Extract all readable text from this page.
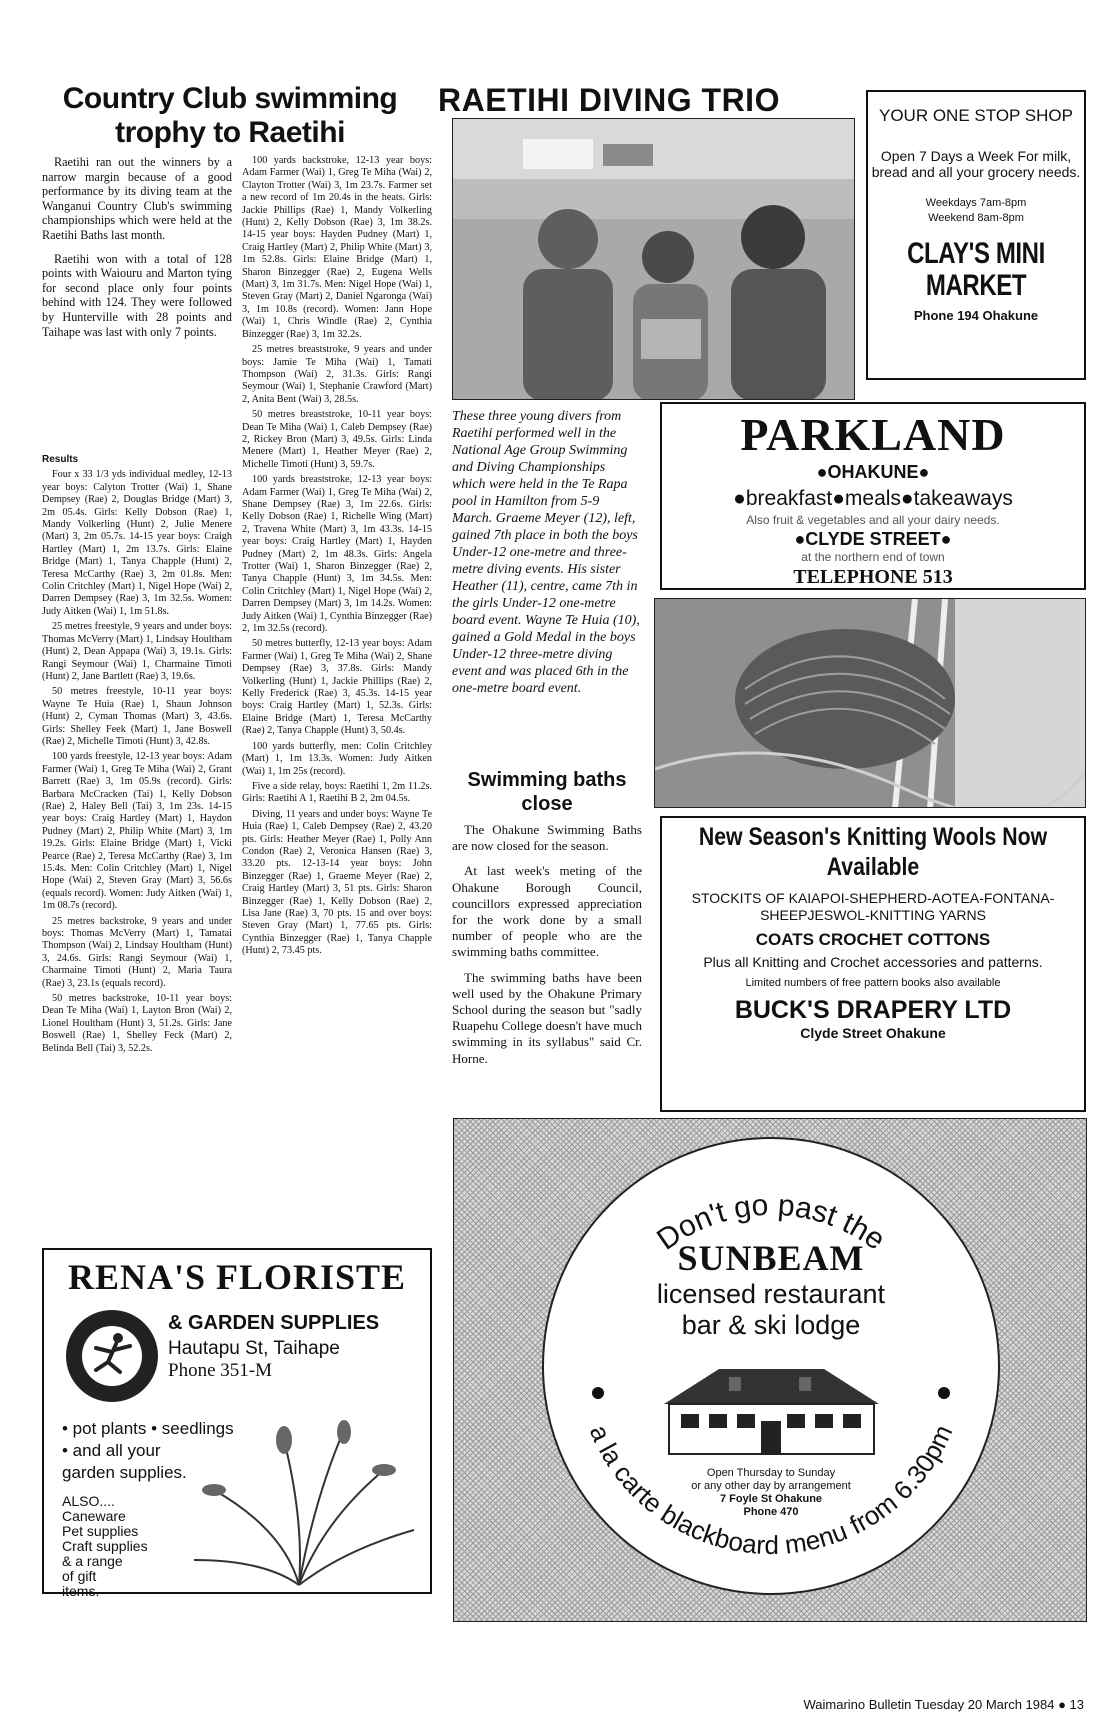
Country Club swimming trophy to Raetihi

Raetihi ran out the winners by a narrow margin because of a good performance by its diving team at the Wanganui Country Club's swimming championships which were held at the Raetihi Baths last month.

Raetihi won with a total of 128 points with Waiouru and Marton tying for second place only four points behind with 124. They were followed by Hunterville with 28 points and Taihape was last with only 7 points.

Results

Four x 33 1/3 yds individual medley, 12-13 year boys: Calyton Trotter (Wai) 1, Shane Dempsey (Rae) 2, Douglas Bridge (Mart) 3, 2m 05.4s. Girls: Kelly Dobson (Rae) 1, Mandy Volkerling (Hunt) 2, Julie Menere (Mart) 3, 2m 05.7s. 14-15 year boys: Craigh Hartley (Mart) 1, 2m 13.7s. Girls: Elaine Bridge (Mart) 1, Tanya Chapple (Hunt) 2, Teresa McCarthy (Rae) 3, 2m 01.8s. Men: Colin Critchley (Mart) 1, Nigel Hope (Wai) 2, Darren Dempsey (Rae) 3, 1m 32.5s. Women: Judy Aitken (Wai) 1, 1m 51.8s.

25 metres freestyle, 9 years and under boys: Thomas McVerry (Mart) 1, Lindsay Houltham (Hunt) 2, Dean Appapa (Wai) 3, 19.1s. Girls: Rangi Seymour (Wai) 1, Charmaine Timoti (Hunt) 2, Jane Bartlett (Rae) 3, 19.6s.

50 metres freestyle, 10-11 year boys: Wayne Te Huia (Rae) 1, Shaun Johnson (Hunt) 2, Cyman Thomas (Mart) 3, 43.6s. Girls: Shelley Feek (Mart) 1, Jane Boswell (Rae) 2, Michelle Timoti (Hunt) 3, 42.8s.

100 yards freestyle, 12-13 year boys: Adam Farmer (Wai) 1, Greg Te Miha (Wai) 2, Grant Barrett (Rae) 3, 1m 05.9s (record). Girls: Barbara McCracken (Tai) 1, Kelly Dobson (Rae) 2, Haley Bell (Tai) 3, 1m 23s. 14-15 year boys: Craig Hartley (Mart) 1, Haydon Pudney (Mart) 2, Philip White (Mart) 3, 1m 19.2s. Girls: Elaine Bridge (Mart) 1, Vicki Pearce (Rae) 2, Teresa McCarthy (Rae) 3, 1m 15.4s. Men: Colin Critchley (Mart) 1, Nigel Hope (Wai) 2, Steven Gray (Mart) 3, 56.6s (equals record). Women: Judy Aitken (Wai) 1, 1m 08.7s (record).

25 metres backstroke, 9 years and under boys: Thomas McVerry (Mart) 1, Tamatai Thompson (Wai) 2, Lindsay Houltham (Hunt) 3, 24.6s. Girls: Rangi Seymour (Wai) 1, Charmaine Timoti (Hunt) 2, Maria Taura (Rae) 3, 23.1s (equals record).

50 metres backstroke, 10-11 year boys: Dean Te Miha (Wai) 1, Layton Bron (Wai) 2, Lionel Houltham (Hunt) 3, 51.2s. Girls: Jane Boswell (Rae) 1, Shelley Feck (Mart) 2, Belinda Bell (Tai) 3, 52.2s.

100 yards backstroke, 12-13 year boys: Adam Farmer (Wai) 1, Greg Te Miha (Wai) 2, Clayton Trotter (Wai) 3, 1m 23.7s. Farmer set a new record of 1m 20.4s in the heats. Girls: Jackie Phillips (Rae) 1, Mandy Volkerling (Hunt) 2, Kelly Dobson (Rae) 3, 1m 38.2s. 14-15 year boys: Hayden Pudney (Mart) 1, Craig Hartley (Mart) 2, Philip White (Mart) 3, 1m 52.8s. Girls: Elaine Bridge (Mart) 1, Sharon Binzegger (Rae) 2, Eugena Wells (Mart) 3, 1m 31.7s. Men: Nigel Hope (Wai) 1, Steven Gray (Mart) 2, Daniel Ngaronga (Wai) 3, 1m 10.8s (record). Women: Jann Hope (Wai) 1, Chris Windle (Rae) 2, Cynthia Binzegger (Rae) 3, 1m 32.2s.

25 metres breaststroke, 9 years and under boys: Jamie Te Miha (Wai) 1, Tamati Thompson (Wai) 2, 31.3s. Girls: Rangi Seymour (Wai) 1, Stephanie Crawford (Mart) 2, Anita Bent (Wai) 3, 28.5s.

50 metres breaststroke, 10-11 year boys: Dean Te Miha (Wai) 1, Caleb Dempsey (Rae) 2, Rickey Bron (Mart) 3, 49.5s. Girls: Linda Menere (Mart) 1, Heather Meyer (Rae) 2, Michelle Timoti (Hunt) 3, 59.7s.

100 yards breaststroke, 12-13 year boys: Adam Farmer (Wai) 1, Greg Te Miha (Wai) 2, Shane Dempsey (Rae) 3, 1m 22.6s. Girls: Kelly Dobson (Rae) 1, Richelle Wing (Mart) 2, Travena White (Mart) 3, 1m 43.3s. 14-15 year boys: Craig Hartley (Mart) 1, Hayden Pudney (Mart) 2, 1m 48.3s. Girls: Angela Trotter (Wai) 1, Sharon Binzegger (Rae) 2, Tanya Chapple (Hunt) 3, 1m 34.5s. Men: Colin Critchley (Mart) 1, Nigel Hope (Wai) 2, Darren Dempsey (Mart) 3, 1m 14.2s. Women: Judy Aitken (Wai) 1, Cynthia Binzegger (Rae) 2, 1m 32.5s (record).

50 metres butterfly, 12-13 year boys: Adam Farmer (Wai) 1, Greg Te Miha (Wai) 2, Shane Dempsey (Rae) 3, 37.8s. Girls: Mandy Volkerling (Hunt) 1, Jackie Phillips (Rae) 2, Kelly Frederick (Rae) 3, 45.3s. 14-15 year boys: Craig Hartley (Mart) 1, 52.3s. Girls: Elaine Bridge (Mart) 1, Teresa McCarthy (Rae) 2, Tanya Chapple (Hunt) 3, 50.4s.

100 yards butterfly, men: Colin Critchley (Mart) 1, 1m 13.3s. Women: Judy Aitken (Wai) 1, 1m 25s (record).

Five a side relay, boys: Raetihi 1, 2m 11.2s. Girls: Raetihi A 1, Raetihi B 2, 2m 04.5s.

Diving, 11 years and under boys: Wayne Te Huia (Rae) 1, Caleb Dempsey (Rae) 2, 43.20 pts. Girls: Heather Meyer (Rae) 1, Polly Ann Condon (Rae) 2, Veronica Hansen (Rae) 3, 33.20 pts. 12-13-14 year boys: John Binzegger (Rae) 1, Graeme Meyer (Rae) 2, Craig Hartley (Mart) 3, 51 pts. Girls: Sharon Binzegger (Rae) 1, Kelly Dobson (Rae) 2, Lisa Jane (Rae) 3, 70 pts. 15 and over boys: Steven Gray (Mart) 1, 77.65 pts. Girls: Cynthia Binzegger (Rae) 1, Tanya Chapple (Hunt) 2, 73.45 pts.

RAETIHI DIVING TRIO
These three young divers from Raetihi performed well in the National Age Group Swimming and Diving Championships which were held in the Te Rapa pool in Hamilton from 5-9 March. Graeme Meyer (12), left, gained 7th place in both the boys Under-12 one-metre and three-metre diving events. His sister Heather (11), centre, came 7th in the girls Under-12 one-metre board event. Wayne Te Huia (10), gained a Gold Medal in the boys Under-12 three-metre diving event and was placed 6th in the one-metre board event.
Swimming baths close

The Ohakune Swimming Baths are now closed for the season.

At last week's meting of the Ohakune Borough Council, councillors expressed appreciation for the work done by a small number of people who are the swimming baths committee.

The swimming baths have been well used by the Ohakune Primary School during the season but "sadly Ruapehu College doesn't have much swimming in its syllabus" said Cr. Horne.

YOUR ONE STOP SHOP
Open 7 Days a Week For milk, bread and all your grocery needs.
Weekdays 7am-8pm
Weekend 8am-8pm
CLAY'S MINI MARKET
Phone 194 Ohakune
PARKLAND
●OHAKUNE●
●breakfast●meals●takeaways
Also fruit & vegetables and all your dairy needs.
●CLYDE STREET●
at the northern end of town
TELEPHONE 513
New Season's Knitting Wools Now Available
STOCKITS OF KAIAPOI-SHEPHERD-AOTEA-FONTANA-SHEEPJESWOL-KNITTING YARNS
COATS CROCHET COTTONS
Plus all Knitting and Crochet accessories and patterns.
Limited numbers of free pattern books also available
BUCK'S DRAPERY LTD
Clyde Street Ohakune
RENA'S FLORISTE
& GARDEN SUPPLIES
Hautapu St, Taihape
Phone 351-M
• pot plants • seedlings
• and all your
garden supplies.
ALSO....
Caneware
Pet supplies
Craft supplies
& a range
of gift
items.
Don't go past the
a la carte blackboard menu from 6.30pm
SUNBEAM
licensed restaurant
bar & ski lodge
Open Thursday to Sunday
or any other day by arrangement
7 Foyle St Ohakune
Phone 470
Waimarino Bulletin Tuesday 20 March 1984 ● 13
